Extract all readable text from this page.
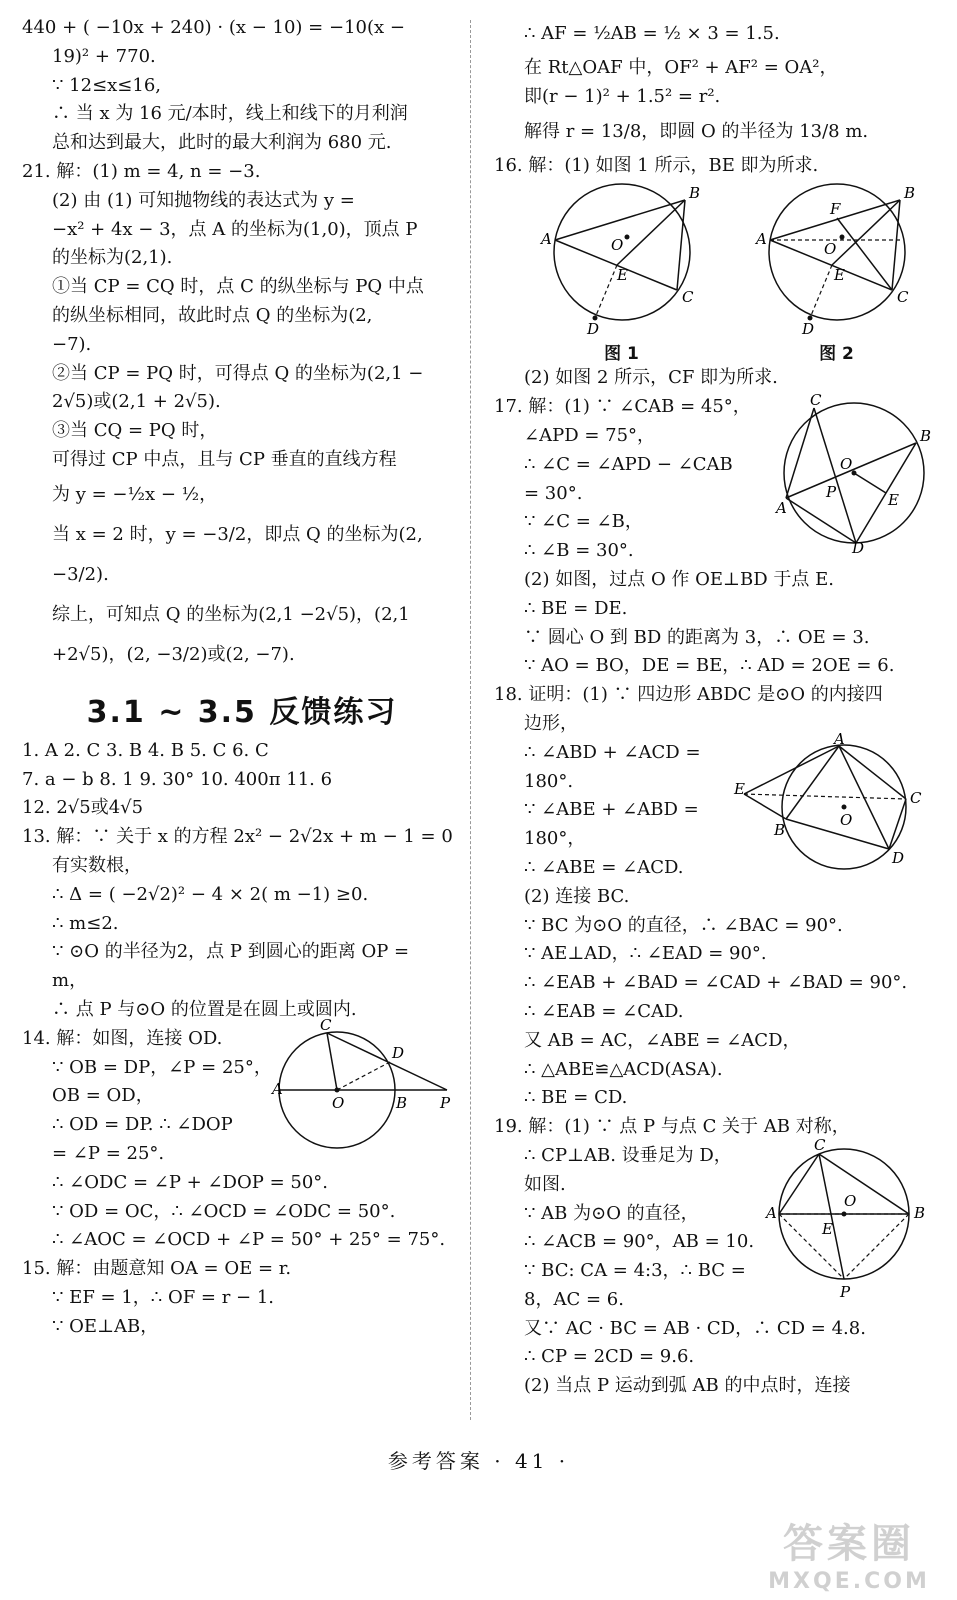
440 + ( −10x + 240) · (x − 10) = −10(x −
19)² + 770.
∵ 12≤x≤16,
∴ 当 x 为 16 元/本时，线上和线下的月利润
总和达到最大，此时的最大利润为 680 元.
21. 解：(1) m = 4, n = −3.
(2) 由 (1) 可知抛物线的表达式为 y =
−x² + 4x − 3，点 A 的坐标为(1,0)，顶点 P
的坐标为(2,1).
①当 CP = CQ 时，点 C 的纵坐标与 PQ 中点
的纵坐标相同，故此时点 Q 的坐标为(2,
−7).
②当 CP = PQ 时，可得点 Q 的坐标为(2,1 −
2√5)或(2,1 + 2√5).
③当 CQ = PQ 时，
可得过 CP 中点，且与 CP 垂直的直线方程
为 y = −½x − ½，
当 x = 2 时，y = −3/2，即点 Q 的坐标为(2,
−3/2).
综上，可知点 Q 的坐标为(2,1 −2√5)，(2,1
+2√5)，(2, −3/2)或(2, −7).
3.1 ~ 3.5 反馈练习
1. A 2. C 3. B 4. B 5. C 6. C
7. a − b 8. 1 9. 30° 10. 400π 11. 6
12. 2√5或4√5
13. 解：∵ 关于 x 的方程 2x² − 2√2x + m − 1 = 0
有实数根，
∴ Δ = ( −2√2)² − 4 × 2( m −1) ≥0.
∴ m≤2.
∵ ⊙O 的半径为2，点 P 到圆心的距离 OP =
m，
∴ 点 P 与⊙O 的位置是在圆上或圆内.
14. 解：如图，连接 OD.
A
C
D
O	B P
∵ OB = DP，∠P = 25°，
OB = OD，
∴ OD = DP. ∴ ∠DOP
= ∠P = 25°.
∴ ∠ODC = ∠P + ∠DOP = 50°.
∵ OD = OC，∴ ∠OCD = ∠ODC = 50°.
∴ ∠AOC = ∠OCD + ∠P = 50° + 25° = 75°.
15. 解：由题意知 OA = OE = r.
∵ EF = 1，∴ OF = r − 1.
∵ OE⊥AB，
∴ AF = ½AB = ½ × 3 = 1.5.
在 Rt△OAF 中，OF² + AF² = OA²，
即(r − 1)² + 1.5² = r².
解得 r = 13/8，即圆 O 的半径为 13/8 m.
16. 解：(1) 如图 1 所示，BE 即为所求.
A
B
C
O
E
D
图 1
A
B
C
F
O
E
D
图 2
(2) 如图 2 所示，CF 即为所求.
C
B
A
O
P	E
D
17. 解：(1) ∵ ∠CAB = 45°，
∠APD = 75°，
∴ ∠C = ∠APD − ∠CAB
= 30°.
∵ ∠C = ∠B，
∴ ∠B = 30°.
(2) 如图，过点 O 作 OE⊥BD 于点 E.
∴ BE = DE.
∵ 圆心 O 到 BD 的距离为 3，∴ OE = 3.
∵ AO = BO，DE = BE，∴ AD = 2OE = 6.
18. 证明：(1) ∵ 四边形 ABDC 是⊙O 的内接四
边形，
E
A
B
O
C
D
∴ ∠ABD + ∠ACD =
180°.
∵ ∠ABE + ∠ABD =
180°，
∴ ∠ABE = ∠ACD.
(2) 连接 BC.
∵ BC 为⊙O 的直径，∴ ∠BAC = 90°.
∵ AE⊥AD，∴ ∠EAD = 90°.
∴ ∠EAB + ∠BAD = ∠CAD + ∠BAD = 90°.
∴ ∠EAB = ∠CAD.
又 AB = AC，∠ABE = ∠ACD，
∴ △ABE≌△ACD(ASA).
∴ BE = CD.
19. 解：(1) ∵ 点 P 与点 C 关于 AB 对称，
A
C
O
E
B
P
∴ CP⊥AB. 设垂足为 D，
如图.
∵ AB 为⊙O 的直径，
∴ ∠ACB = 90°，AB = 10.
∵ BC: CA = 4:3，∴ BC =
8，AC = 6.
又∵ AC · BC = AB · CD，∴ CD = 4.8.
∴ CP = 2CD = 9.6.
(2) 当点 P 运动到弧 AB 的中点时，连接
参考答案 · 41 ·
答案圈
MXQE.COM
